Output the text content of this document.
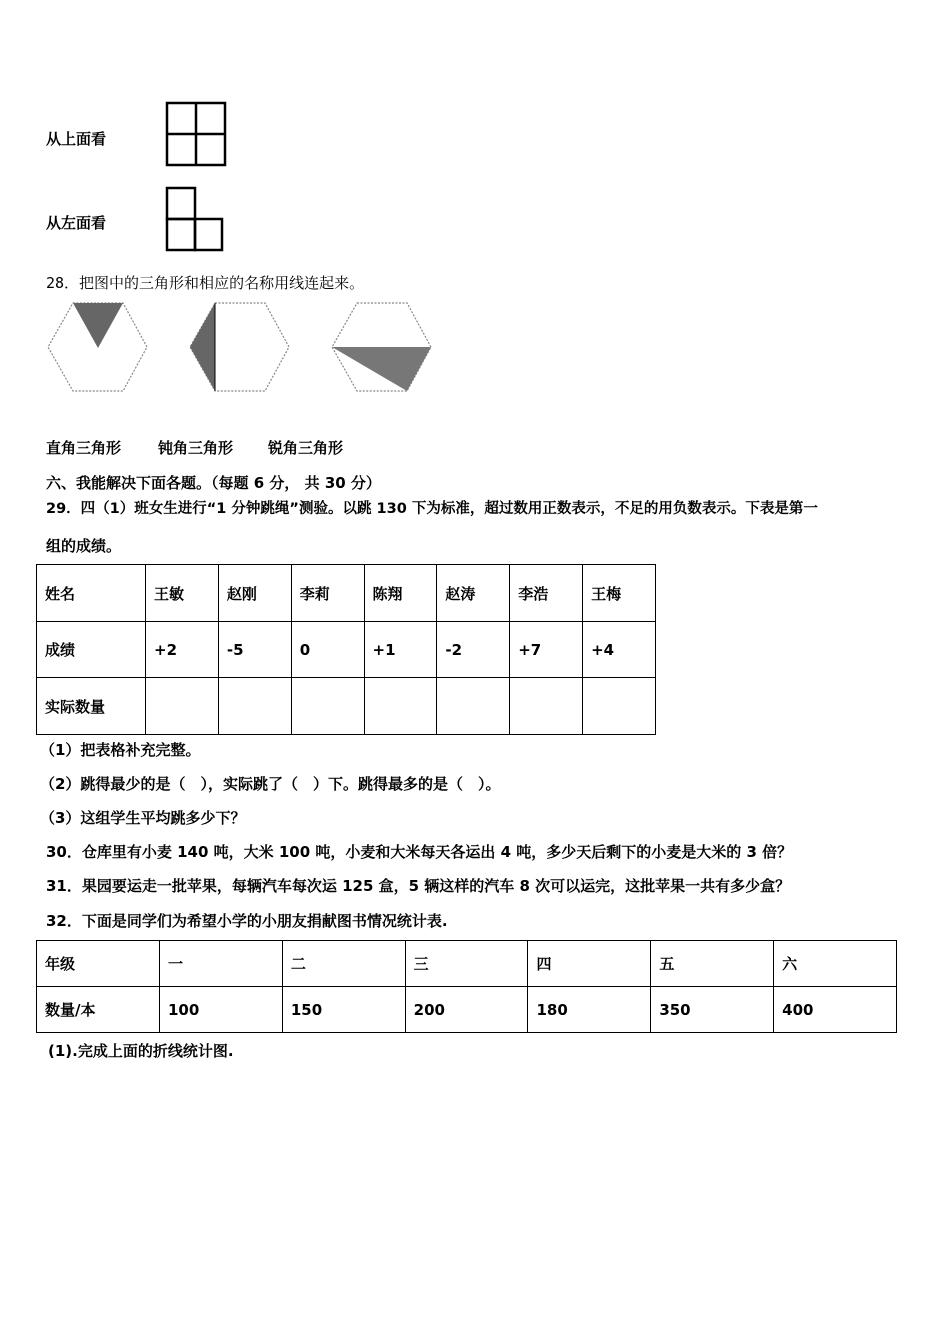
从上面看
从左面看
28．把图中的三角形和相应的名称用线连起来。
直角三角形 钝角三角形 锐角三角形
六、我能解决下面各题。（每题 6 分， 共 30 分）
29．四（1）班女生进行“1 分钟跳绳”测验。以跳 130 下为标准，超过数用正数表示，不足的用负数表示。下表是第一
组的成绩。
姓名	王敏	赵刚	李莉	陈翔	赵涛	李浩	王梅
成绩	+2	-5	0	+1	-2	+7	+4
实际数量							
（1）把表格补充完整。
（2）跳得最少的是（　），实际跳了（　）下。跳得最多的是（　）。
（3）这组学生平均跳多少下？
30．仓库里有小麦 140 吨，大米 100 吨，小麦和大米每天各运出 4 吨，多少天后剩下的小麦是大米的 3 倍？
31．果园要运走一批苹果，每辆汽车每次运 125 盒，5 辆这样的汽车 8 次可以运完，这批苹果一共有多少盒？
32．下面是同学们为希望小学的小朋友捐献图书情况统计表.
年级	一	二	三	四	五	六
数量/本	100	150	200	180	350	400
(1).完成上面的折线统计图.
